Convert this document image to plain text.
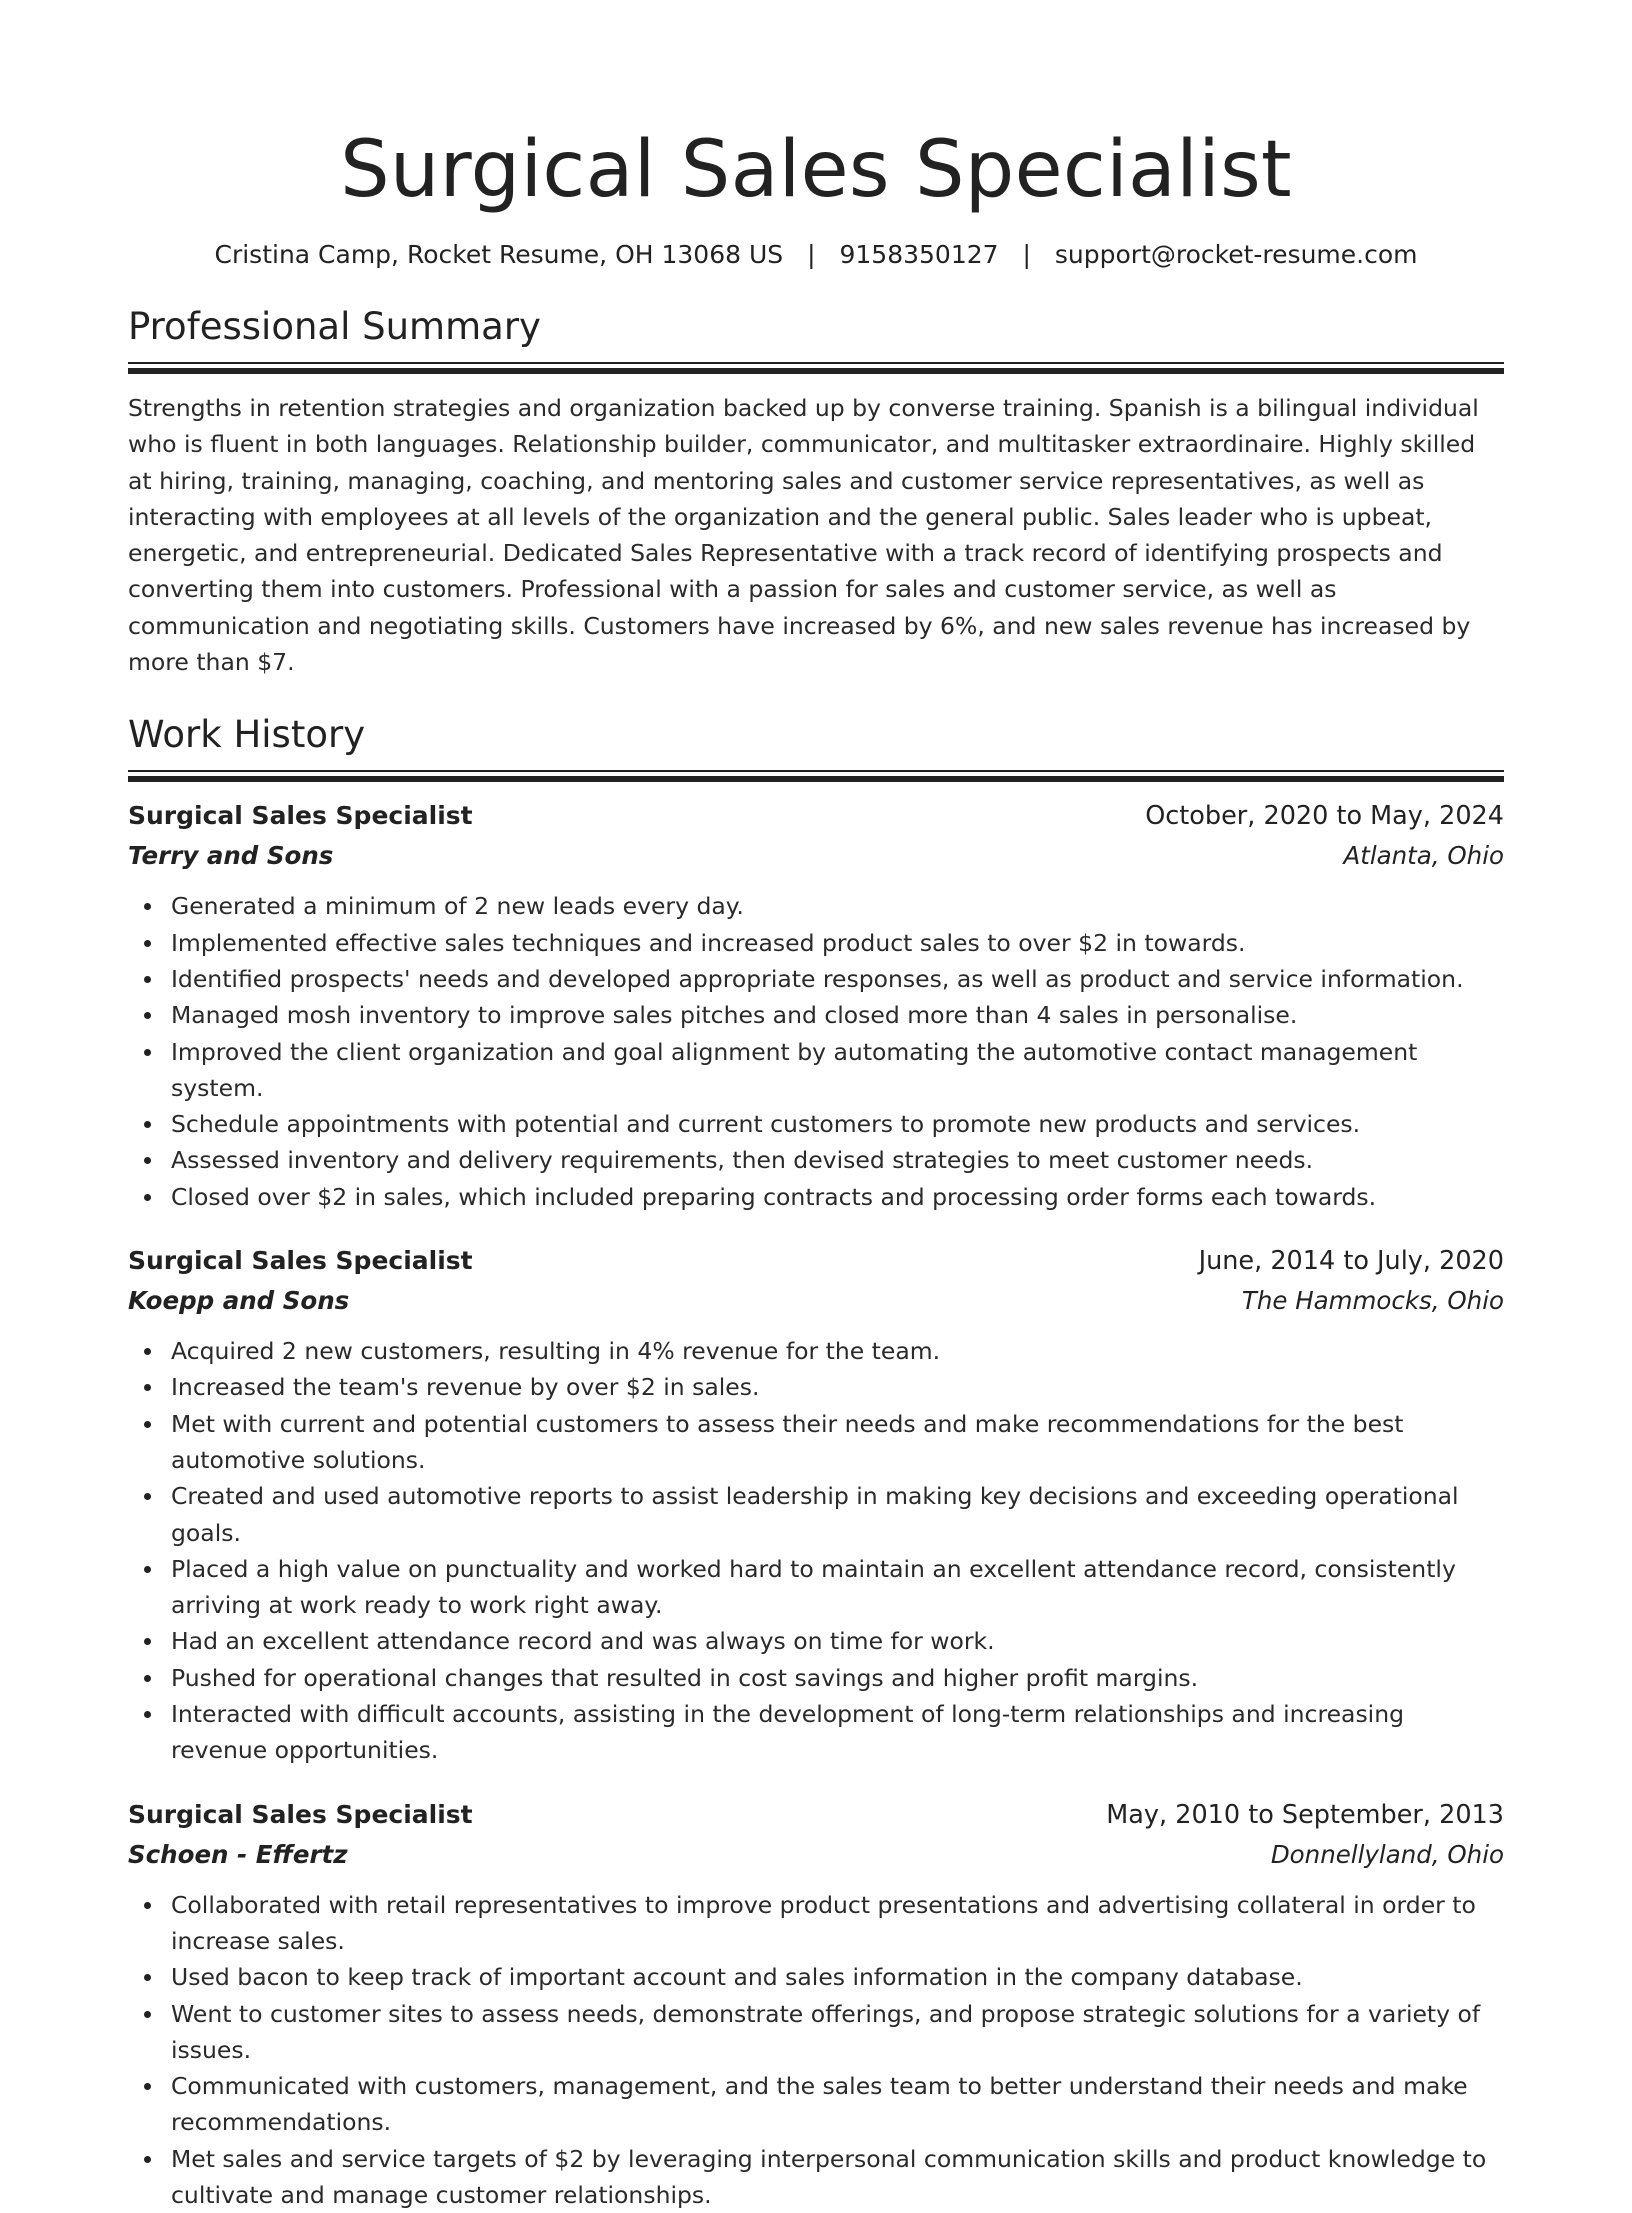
Surgical Sales Specialist
Cristina Camp, Rocket Resume, OH 13068 US | 9158350127 | support@rocket-resume.com
Professional Summary

Strengths in retention strategies and organization backed up by converse training. Spanish is a bilingual individual who is fluent in both languages. Relationship builder, communicator, and multitasker extraordinaire. Highly skilled at hiring, training, managing, coaching, and mentoring sales and customer service representatives, as well as interacting with employees at all levels of the organization and the general public. Sales leader who is upbeat, energetic, and entrepreneurial. Dedicated Sales Representative with a track record of identifying prospects and converting them into customers. Professional with a passion for sales and customer service, as well as communication and negotiating skills. Customers have increased by 6%, and new sales revenue has increased by more than $7.

Work History
Surgical Sales Specialist	October, 2020 to May, 2024
Terry and Sons	Atlanta, Ohio
Generated a minimum of 2 new leads every day.
Implemented effective sales techniques and increased product sales to over $2 in towards.
Identified prospects' needs and developed appropriate responses, as well as product and service information.
Managed mosh inventory to improve sales pitches and closed more than 4 sales in personalise.
Improved the client organization and goal alignment by automating the automotive contact management system.
Schedule appointments with potential and current customers to promote new products and services.
Assessed inventory and delivery requirements, then devised strategies to meet customer needs.
Closed over $2 in sales, which included preparing contracts and processing order forms each towards.
Surgical Sales Specialist	June, 2014 to July, 2020
Koepp and Sons	The Hammocks, Ohio
Acquired 2 new customers, resulting in 4% revenue for the team.
Increased the team's revenue by over $2 in sales.
Met with current and potential customers to assess their needs and make recommendations for the best automotive solutions.
Created and used automotive reports to assist leadership in making key decisions and exceeding operational goals.
Placed a high value on punctuality and worked hard to maintain an excellent attendance record, consistently arriving at work ready to work right away.
Had an excellent attendance record and was always on time for work.
Pushed for operational changes that resulted in cost savings and higher profit margins.
Interacted with difficult accounts, assisting in the development of long-term relationships and increasing revenue opportunities.
Surgical Sales Specialist	May, 2010 to September, 2013
Schoen - Effertz	Donnellyland, Ohio
Collaborated with retail representatives to improve product presentations and advertising collateral in order to increase sales.
Used bacon to keep track of important account and sales information in the company database.
Went to customer sites to assess needs, demonstrate offerings, and propose strategic solutions for a variety of issues.
Communicated with customers, management, and the sales team to better understand their needs and make recommendations.
Met sales and service targets of $2 by leveraging interpersonal communication skills and product knowledge to cultivate and manage customer relationships.
